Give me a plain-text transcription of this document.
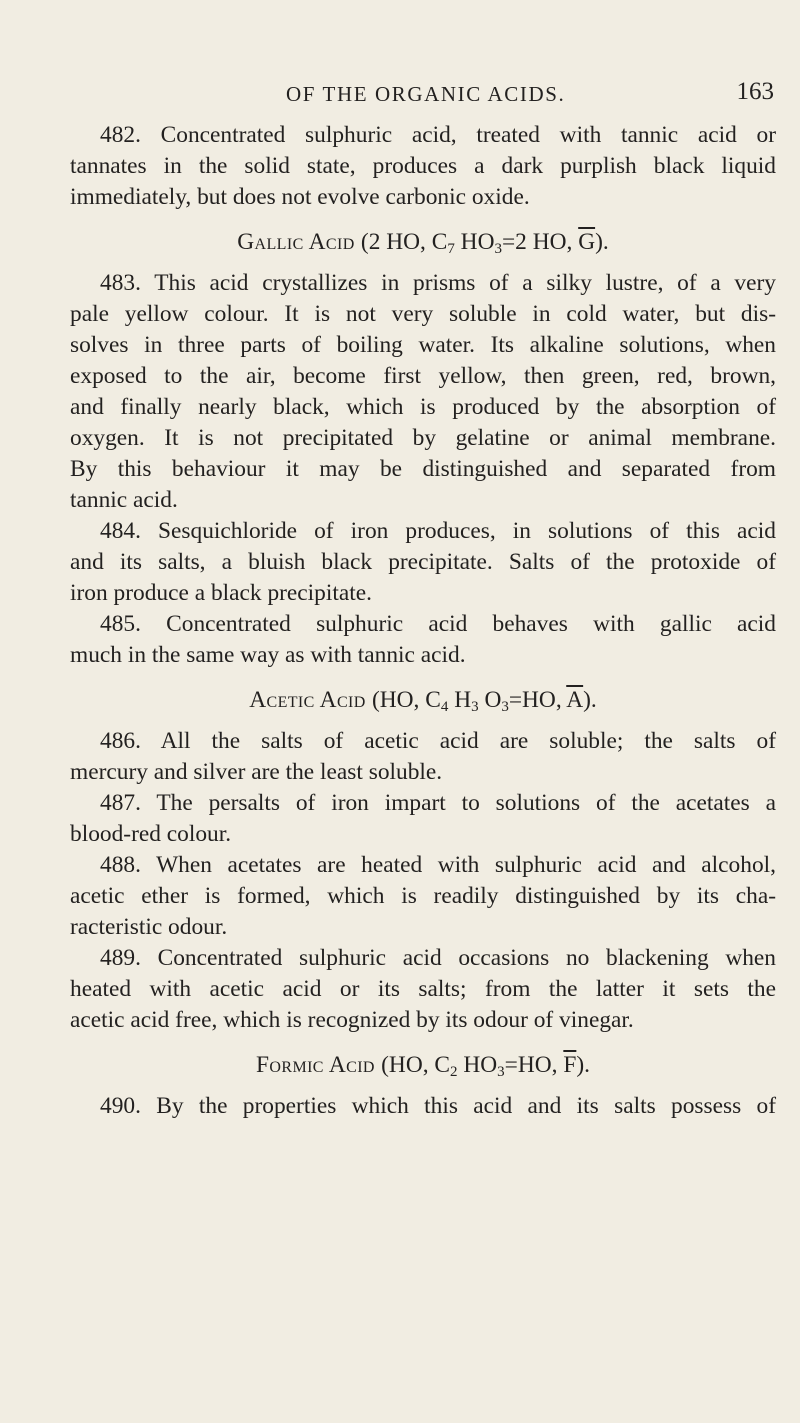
OF THE ORGANIC ACIDS.	163

482. Concentrated sulphuric acid, treated with tannic acid or
tannates in the solid state, produces a dark purplish black liquid
immediately, but does not evolve carbonic oxide.

Gallic Acid (2 HO, $C_7$ $HO_3=2$ HO, $\overline{G}$).

483. This acid crystallizes in prisms of a silky lustre, of a very
pale yellow colour. It is not very soluble in cold water, but dis-
solves in three parts of boiling water. Its alkaline solutions, when
exposed to the air, become first yellow, then green, red, brown,
and finally nearly black, which is produced by the absorption of
oxygen. It is not precipitated by gelatine or animal membrane.
By this behaviour it may be distinguished and separated from
tannic acid.

484. Sesquichloride of iron produces, in solutions of this acid
and its salts, a bluish black precipitate. Salts of the protoxide of
iron produce a black precipitate.

485. Concentrated sulphuric acid behaves with gallic acid
much in the same way as with tannic acid.

Acetic Acid (HO, $C_4$ $H_3$ $O_3=HO$, $\overline{A}$).

486. All the salts of acetic acid are soluble; the salts of
mercury and silver are the least soluble.

487. The persalts of iron impart to solutions of the acetates a
blood-red colour.

488. When acetates are heated with sulphuric acid and alcohol,
acetic ether is formed, which is readily distinguished by its cha-
racteristic odour.

489. Concentrated sulphuric acid occasions no blackening when
heated with acetic acid or its salts; from the latter it sets the
acetic acid free, which is recognized by its odour of vinegar.

Formic Acid (HO, $C_2$ $HO_3=HO$, $\overline{F}$).

490. By the properties which this acid and its salts possess of
